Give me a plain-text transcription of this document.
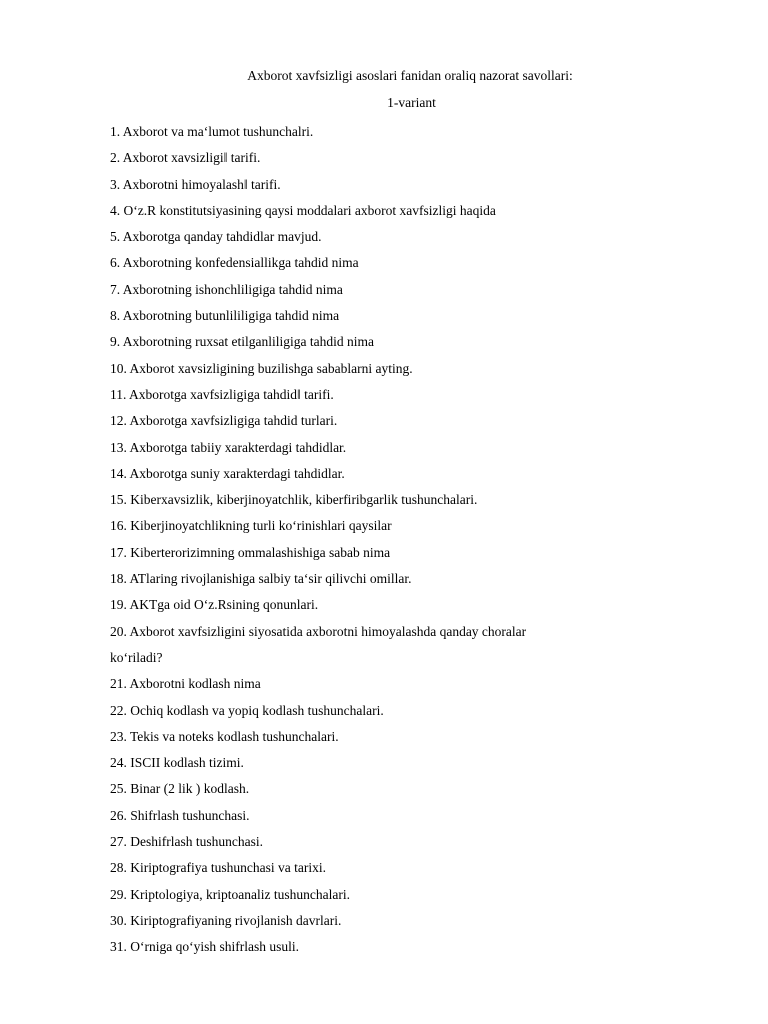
Axborot xavfsizligi asoslari fanidan oraliq nazorat savollari:
1-variant
1. Axborot va ma‘lumot tushunchalri.
2. Axborot xavsizligi‖ tarifi.
3. Axborotni himoyalash‖ tarifi.
4. O‘z.R konstitutsiyasining qaysi moddalari axborot xavfsizligi haqida
5. Axborotga qanday tahdidlar mavjud.
6. Axborotning konfedensiallikga tahdid nima
7. Axborotning ishonchliligiga tahdid nima
8. Axborotning butunlililigiga tahdid nima
9. Axborotning ruxsat etilganliligiga tahdid nima
10. Axborot xavsizligining buzilishga sabablarni ayting.
11. Axborotga xavfsizligiga tahdid‖ tarifi.
12. Axborotga xavfsizligiga tahdid turlari.
13. Axborotga tabiiy xarakterdagi tahdidlar.
14. Axborotga suniy xarakterdagi tahdidlar.
15. Kiberxavsizlik, kiberjinoyatchlik, kiberfiribgarlik tushunchalari.
16. Kiberjinoyatchlikning turli ko‘rinishlari qaysilar
17. Kiberterorizimning ommalashishiga sabab nima
18. ATlaring rivojlanishiga salbiy ta‘sir qilivchi omillar.
19. AKTga oid O‘z.Rsining qonunlari.
20. Axborot xavfsizligini siyosatida axborotni himoyalashda qanday choralar
ko‘riladi?
21. Axborotni kodlash nima
22. Ochiq kodlash va yopiq kodlash tushunchalari.
23. Tekis va noteks kodlash tushunchalari.
24. ISCII kodlash tizimi.
25. Binar (2 lik ) kodlash.
26. Shifrlash tushunchasi.
27. Deshifrlash tushunchasi.
28. Kiriptografiya tushunchasi va tarixi.
29. Kriptologiya, kriptoanaliz tushunchalari.
30. Kiriptografiyaning rivojlanish davrlari.
31. O‘rniga qo‘yish shifrlash usuli.
